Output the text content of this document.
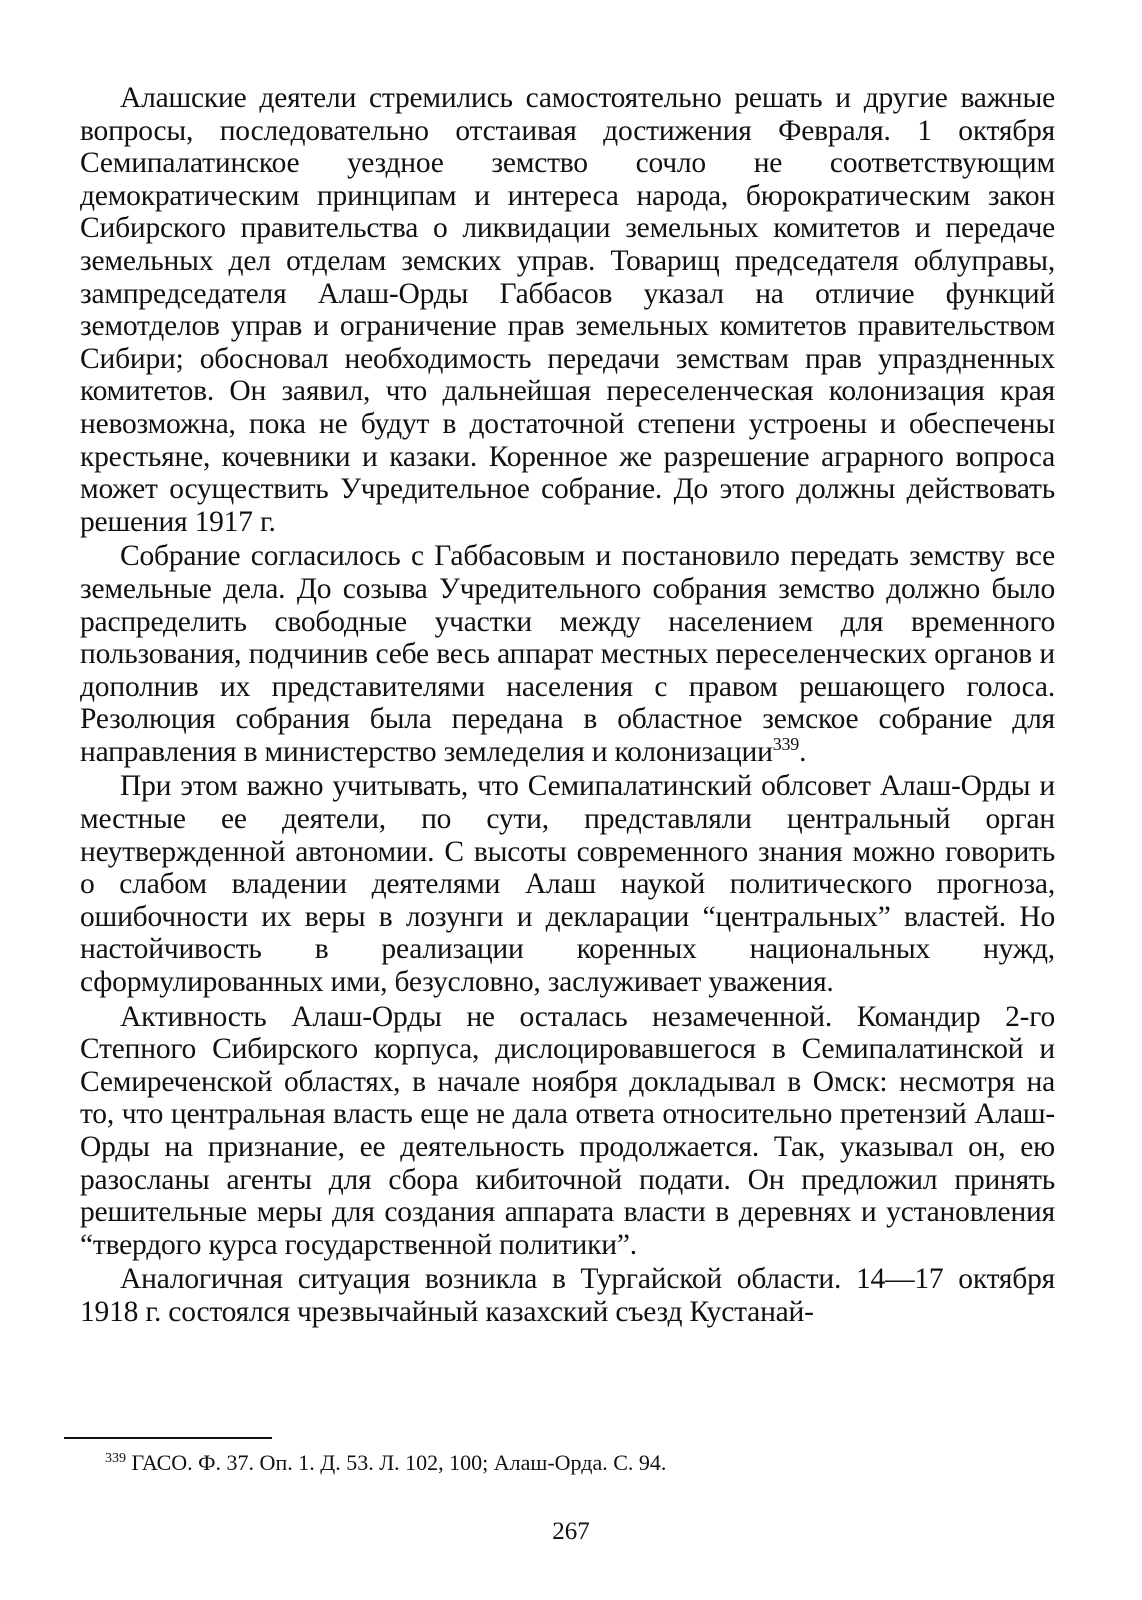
Алашские деятели стремились самостоятельно решать и другие важные вопросы, последовательно отстаивая достижения Февраля. 1 октября Семипалатинское уездное земство сочло не соответствующим демократическим принципам и интереса народа, бюрократическим закон Сибирского правительства о ликвидации земельных комитетов и передаче земельных дел отделам земских управ. Товарищ председателя облуправы, зампредседателя Алаш-Орды Габбасов указал на отличие функций земотделов управ и ограничение прав земельных комитетов правительством Сибири; обосновал необходимость передачи земствам прав упраздненных комитетов. Он заявил, что дальнейшая переселенческая колонизация края невозможна, пока не будут в достаточной степени устроены и обеспечены крестьяне, кочевники и казаки. Коренное же разрешение аграрного вопроса может осуществить Учредительное собрание. До этого должны действовать решения 1917 г.

Собрание согласилось с Габбасовым и постановило передать земству все земельные дела. До созыва Учредительного собрания земство должно было распределить свободные участки между населением для временного пользования, подчинив себе весь аппарат местных переселенческих органов и дополнив их представителями населения с правом решающего голоса. Резолюция собрания была передана в областное земское собрание для направления в министерство земледелия и колонизации$^{339}$.

При этом важно учитывать, что Семипалатинский облсовет Алаш-Орды и местные ее деятели, по сути, представляли центральный орган неутвержденной автономии. С высоты современного знания можно говорить о слабом владении деятелями Алаш наукой политического прогноза, ошибочности их веры в лозунги и декларации “центральных” властей. Но настойчивость в реализации коренных национальных нужд, сформулированных ими, безусловно, заслуживает уважения.

Активность Алаш-Орды не осталась незамеченной. Командир 2-го Степного Сибирского корпуса, дислоцировавшегося в Семипалатинской и Семиреченской областях, в начале ноября докладывал в Омск: несмотря на то, что центральная власть еще не дала ответа относительно претензий Алаш-Орды на признание, ее деятельность продолжается. Так, указывал он, ею разосланы агенты для сбора кибиточной подати. Он предложил принять решительные меры для создания аппарата власти в деревнях и установления “твердого курса государственной политики”.

Аналогичная ситуация возникла в Тургайской области. 14—17 октября 1918 г. состоялся чрезвычайный казахский съезд Кустанай-

$^{339}$ ГАСО. Ф. 37. Оп. 1. Д. 53. Л. 102, 100; Алаш-Орда. С. 94.
267
